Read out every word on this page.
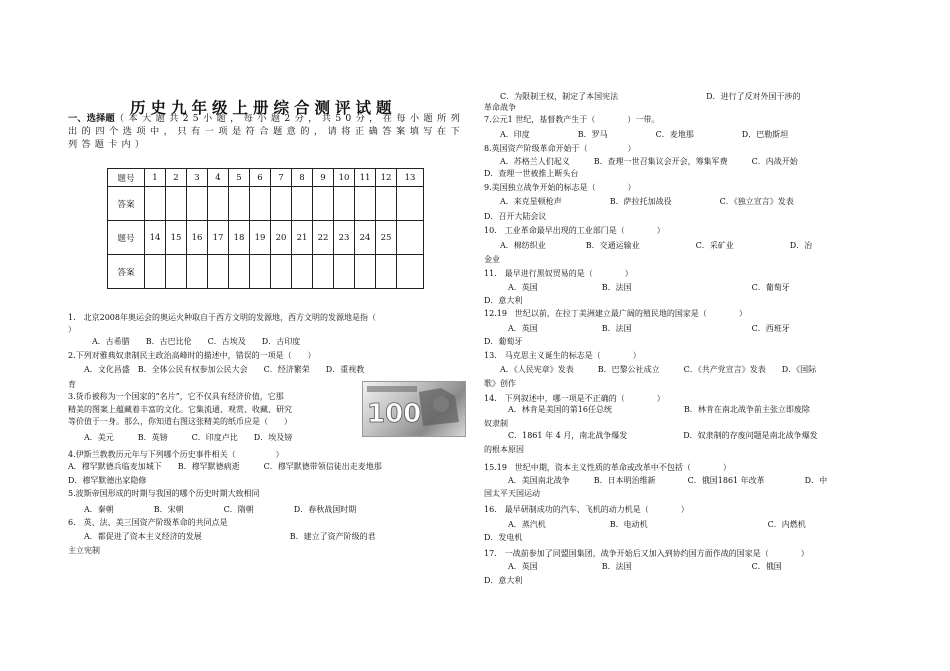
历史九年级上册综合测评试题
一、选择题（本大题共25小题，每小题2分，共50分，在每小题所列出的四个选项中，只有一项是符合题意的，请将正确答案填写在下列答题卡内）
题号	1	2	3	4	5	6	7	8	9	10	11	12	13
答案													
题号	14	15	16	17	18	19	20	21	22	23	24	25	
答案													
1.　北京2008年奥运会的奥运火种取自于西方文明的发源地，西方文明的发源地是指（
）
　　　A．古希腊　　B．古巴比伦　　C．古埃及　　D．古印度
2.下列对雅典奴隶制民主政治高峰时的描述中，错误的一项是（　　）
　　A．文化昌盛　B．全体公民有权参加公民大会　　C．经济繁荣　　D．重视教
育
3.货币被称为一个国家的“名片”，它不仅具有经济价值，它那
精美的图案上蕴藏着丰富的文化。它集流通、观赏、收藏、研究
等价值于一身。那么，你知道右图这张精美的纸币应是（　　）
　　A．美元　　　B．英镑　　　C．印度卢比　　D．埃及镑
4.伊斯兰教教历元年与下列哪个历史事件相关（　　　　　）
A．穆罕默德兵临麦加城下　　B．穆罕默德病逝　　　C．穆罕默德带领信徒出走麦地那
D．穆罕默德出家隐修
5.波斯帝国形成的时期与我国的哪个历史时期大致相同
　　A．秦朝　　　　　B．宋朝　　　　　C．隋朝　　　　　D．春秋战国时期
6.　英、法、美三国资产阶级革命的共同点是
　　A．都促进了资本主义经济的发展　　　　　　　　　　　B．建立了资产阶级的君
主立宪制
　　C．为限制王权，制定了本国宪法　　　　　　　　　　　D．进行了反对外国干涉的
革命战争
7.公元1 世纪，基督教产生于（　　　　）一带。
　　A．印度　　　　　　B．罗马　　　　　　C．麦地那　　　　　　D．巴勒斯坦
8.英国资产阶级革命开始于（　　　　　）
　　A．苏格兰人们起义　　　B．查理一世召集议会开会，筹集军费　　　C．内战开始
D．查理一世被推上断头台
9.美国独立战争开始的标志是（　　　　）
　　A．来克星顿枪声　　　　　　B．萨拉托加战役　　　　　　C．《独立宣言》发表
D．召开大陆会议
10.　工业革命最早出现的工业部门是（　　　　）
　　A．棉纺织业　　　　　B．交通运输业　　　　　　　C．采矿业　　　　　　　D．冶
金业
11.　最早进行黑奴贸易的是（　　　　）
　　　A．英国　　　　　　　　B．法国　　　　　　　　　　　　　　　C．葡萄牙
D．意大利
12.19　世纪以前，在拉丁美洲建立最广阔的殖民地的国家是（　　　　）
　　　A．英国　　　　　　　　B．法国　　　　　　　　　　　　　　　C．西班牙
D．葡萄牙
13.　马克思主义诞生的标志是（　　　　）
　　A．《人民宪章》发表　　　B．巴黎公社成立　　　C．《共产党宣言》发表　　D．《国际
歌》创作
14.　下列叙述中，哪一项是不正确的（　　　　）
　　　A．林肯是美国的第16任总统　　　　　　　　　B．林肯在南北战争前主张立即废除
奴隶制
　　　C．1861 年 4 月，南北战争爆发　　　　　　　D．奴隶制的存废问题是南北战争爆发
的根本原因
15.19　世纪中期，资本主义性质的革命或改革中不包括（　　　　）
　　　A．美国南北战争　　　B．日本明治维新　　　　C．俄国1861 年改革　　　　　D．中
国太平天国运动
16.　最早研制成功的汽车、飞机的动力机是（　　　　）
　　　A．蒸汽机　　　　　　　　B．电动机　　　　　　　　　　　　　　　C．内燃机
D．发电机
17.　一战前参加了同盟国集团，战争开始后又加入到协约国方面作战的国家是（　　　　）
　　　A．英国　　　　　　　　B．法国　　　　　　　　　　　　　　　C．俄国
D．意大利
100
